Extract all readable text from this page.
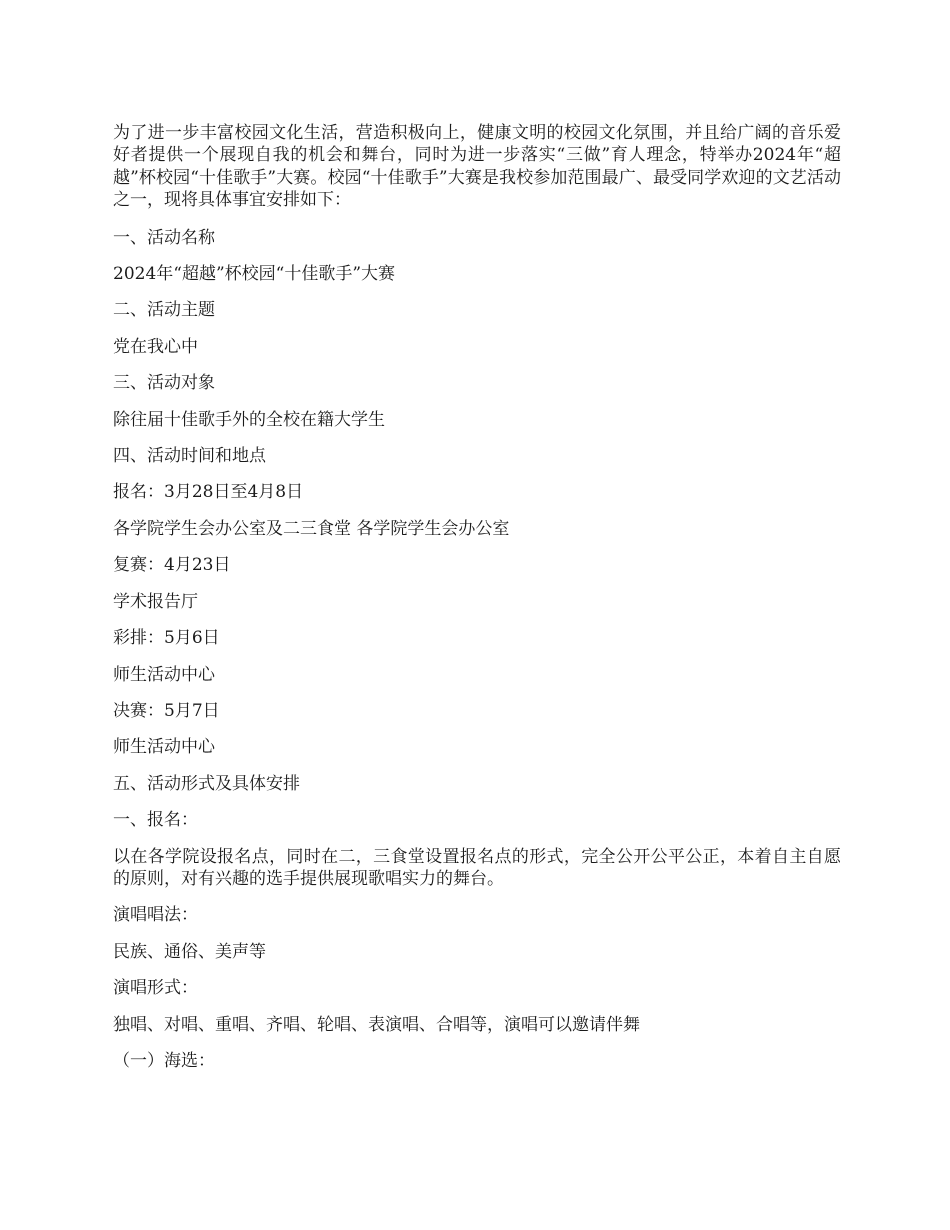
为了进一步丰富校园文化生活，营造积极向上，健康文明的校园文化氛围，并且给广阔的音乐爱好者提供一个展现自我的机会和舞台，同时为进一步落实“三做”育人理念，特举办2024年“超越”杯校园“十佳歌手”大赛。校园“十佳歌手”大赛是我校参加范围最广、最受同学欢迎的文艺活动之一，现将具体事宜安排如下：

一、活动名称

2024年“超越”杯校园“十佳歌手”大赛

二、活动主题

党在我心中

三、活动对象

除往届十佳歌手外的全校在籍大学生

四、活动时间和地点

报名：3月28日至4月8日

各学院学生会办公室及二三食堂 各学院学生会办公室

复赛：4月23日

学术报告厅

彩排：5月6日

师生活动中心

决赛：5月7日

师生活动中心

五、活动形式及具体安排

一、报名：

以在各学院设报名点，同时在二，三食堂设置报名点的形式，完全公开公平公正，本着自主自愿的原则，对有兴趣的选手提供展现歌唱实力的舞台。

演唱唱法：

民族、通俗、美声等

演唱形式：

独唱、对唱、重唱、齐唱、轮唱、表演唱、合唱等，演唱可以邀请伴舞

（一）海选：
